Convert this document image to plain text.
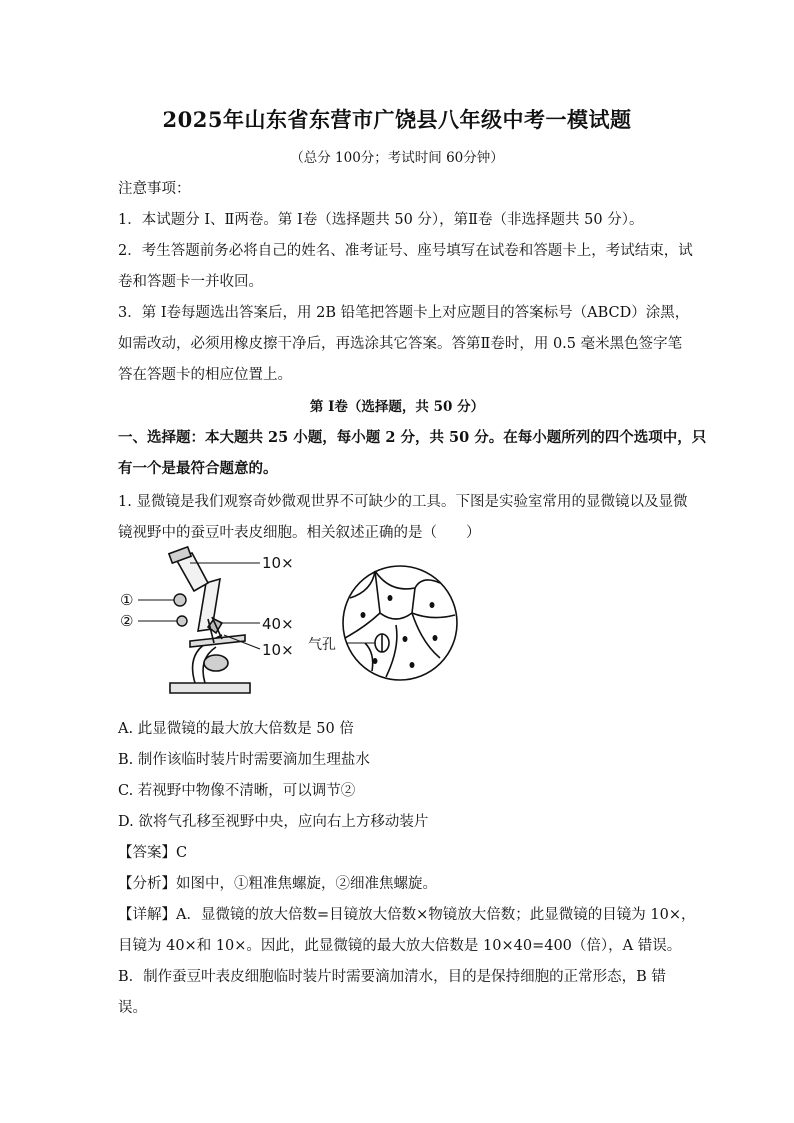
2025年山东省东营市广饶县八年级中考一模试题
（总分 100分；考试时间 60分钟）
注意事项：
1．本试题分 I、Ⅱ两卷。第 I卷（选择题共 50 分），第Ⅱ卷（非选择题共 50 分）。
2．考生答题前务必将自己的姓名、准考证号、座号填写在试卷和答题卡上，考试结束，试
卷和答题卡一并收回。
3．第 I卷每题选出答案后，用 2B 铅笔把答题卡上对应题目的答案标号（ABCD）涂黑，
如需改动，必须用橡皮擦干净后，再选涂其它答案。答第Ⅱ卷时，用 0.5 毫米黑色签字笔
答在答题卡的相应位置上。
第 I卷（选择题，共 50 分）
一、选择题：本大题共 25 小题，每小题 2 分，共 50 分。在每小题所列的四个选项中，只
有一个是最符合题意的。
1. 显微镜是我们观察奇妙微观世界不可缺少的工具。下图是实验室常用的显微镜以及显微
镜视野中的蚕豆叶表皮细胞。相关叙述正确的是（　　）
10×
40×
10×
①
②
气孔
A. 此显微镜的最大放大倍数是 50 倍
B. 制作该临时装片时需要滴加生理盐水
C. 若视野中物像不清晰，可以调节②
D. 欲将气孔移至视野中央，应向右上方移动装片
【答案】C
【分析】如图中，①粗准焦螺旋，②细准焦螺旋。
【详解】A．显微镜的放大倍数=目镜放大倍数×物镜放大倍数；此显微镜的目镜为 10×，
目镜为 40×和 10×。因此，此显微镜的最大放大倍数是 10×40=400（倍），A 错误。
B．制作蚕豆叶表皮细胞临时装片时需要滴加清水，目的是保持细胞的正常形态，B 错
误。
